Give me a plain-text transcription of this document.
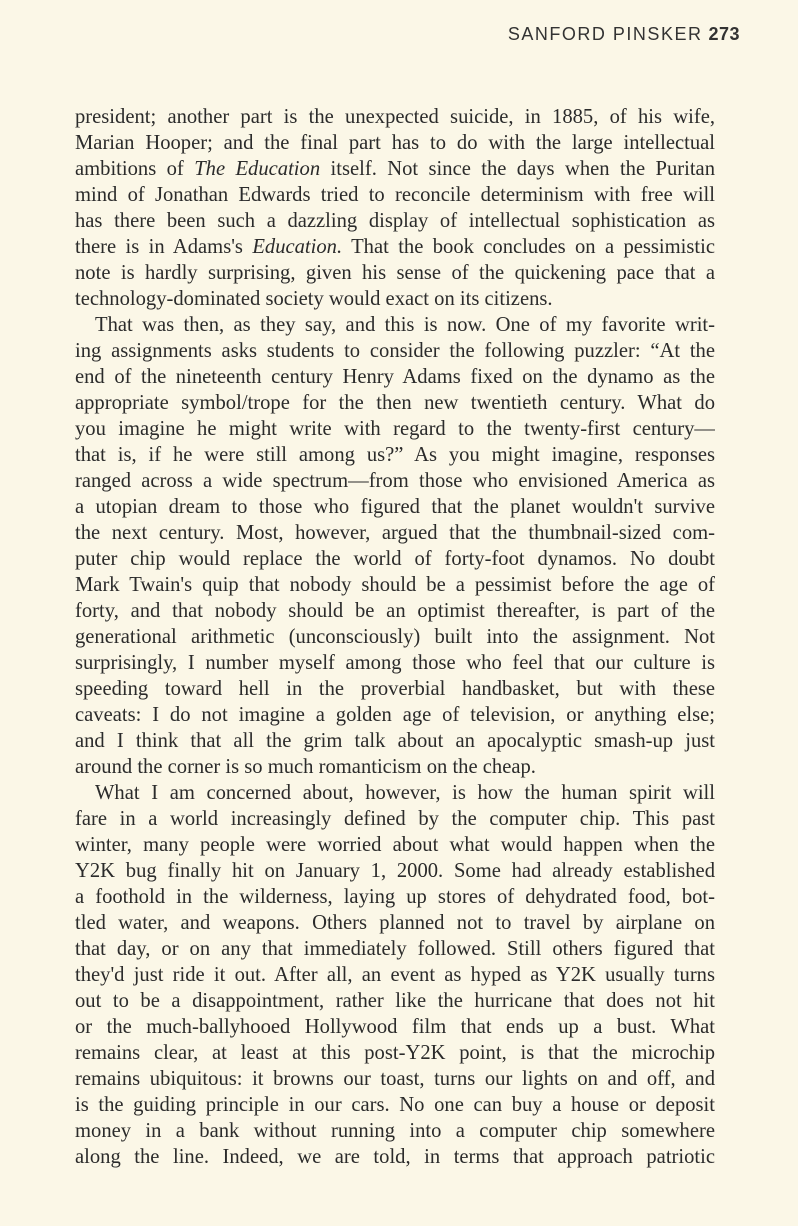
SANFORD PINSKER 273
president; another part is the unexpected suicide, in 1885, of his wife,
Marian Hooper; and the final part has to do with the large intellectual
ambitions of The Education itself. Not since the days when the Puritan
mind of Jonathan Edwards tried to reconcile determinism with free will
has there been such a dazzling display of intellectual sophistication as
there is in Adams's Education. That the book concludes on a pessimistic
note is hardly surprising, given his sense of the quickening pace that a
technology-dominated society would exact on its citizens.
That was then, as they say, and this is now. One of my favorite writ-
ing assignments asks students to consider the following puzzler: “At the
end of the nineteenth century Henry Adams fixed on the dynamo as the
appropriate symbol/trope for the then new twentieth century. What do
you imagine he might write with regard to the twenty-first century—
that is, if he were still among us?” As you might imagine, responses
ranged across a wide spectrum—from those who envisioned America as
a utopian dream to those who figured that the planet wouldn't survive
the next century. Most, however, argued that the thumbnail-sized com-
puter chip would replace the world of forty-foot dynamos. No doubt
Mark Twain's quip that nobody should be a pessimist before the age of
forty, and that nobody should be an optimist thereafter, is part of the
generational arithmetic (unconsciously) built into the assignment. Not
surprisingly, I number myself among those who feel that our culture is
speeding toward hell in the proverbial handbasket, but with these
caveats: I do not imagine a golden age of television, or anything else;
and I think that all the grim talk about an apocalyptic smash-up just
around the corner is so much romanticism on the cheap.
What I am concerned about, however, is how the human spirit will
fare in a world increasingly defined by the computer chip. This past
winter, many people were worried about what would happen when the
Y2K bug finally hit on January 1, 2000. Some had already established
a foothold in the wilderness, laying up stores of dehydrated food, bot-
tled water, and weapons. Others planned not to travel by airplane on
that day, or on any that immediately followed. Still others figured that
they'd just ride it out. After all, an event as hyped as Y2K usually turns
out to be a disappointment, rather like the hurricane that does not hit
or the much-ballyhooed Hollywood film that ends up a bust. What
remains clear, at least at this post-Y2K point, is that the microchip
remains ubiquitous: it browns our toast, turns our lights on and off, and
is the guiding principle in our cars. No one can buy a house or deposit
money in a bank without running into a computer chip somewhere
along the line. Indeed, we are told, in terms that approach patriotic
